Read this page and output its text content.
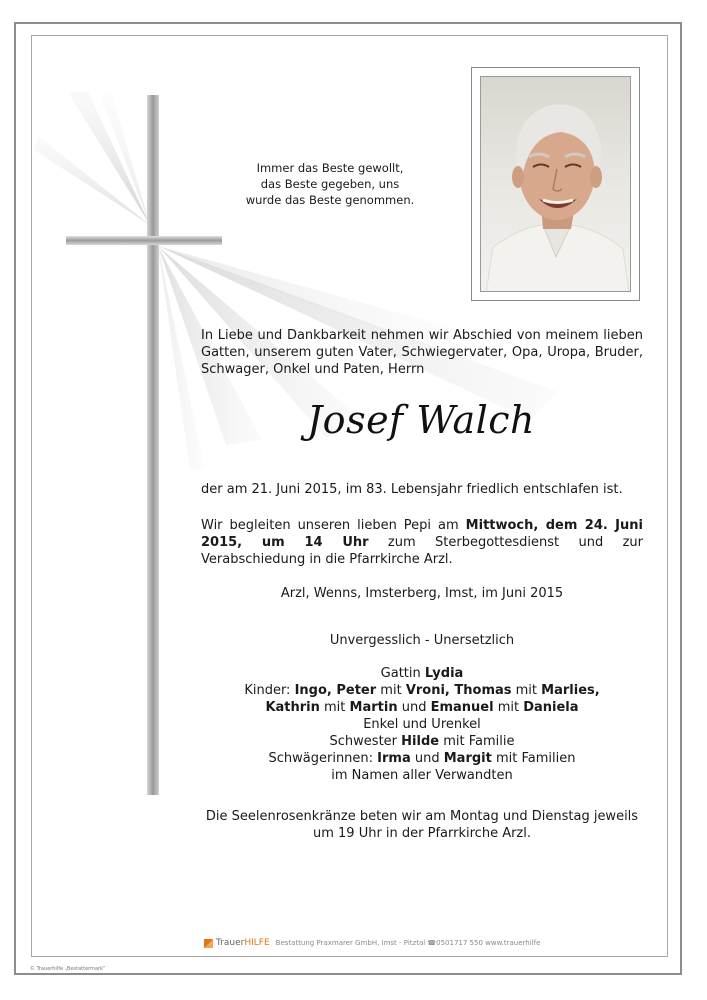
Immer das Beste gewollt,
das Beste gegeben, uns
wurde das Beste genommen.
In Liebe und Dankbarkeit nehmen wir Abschied von meinem lieben Gatten, unserem guten Vater, Schwiegervater, Opa, Uropa, Bruder, Schwager, Onkel und Paten, Herrn
Josef Walch
der am 21. Juni 2015, im 83. Lebensjahr friedlich entschlafen ist.
Wir begleiten unseren lieben Pepi am Mittwoch, dem 24. Juni 2015, um 14 Uhr zum Sterbegottesdienst und zur Verabschiedung in die Pfarrkirche Arzl.
Arzl, Wenns, Imsterberg, Imst, im Juni 2015
Unvergesslich - Unersetzlich
Gattin Lydia
Kinder: Ingo, Peter mit Vroni, Thomas mit Marlies,
Kathrin mit Martin und Emanuel mit Daniela
Enkel und Urenkel
Schwester Hilde mit Familie
Schwägerinnen: Irma und Margit mit Familien
im Namen aller Verwandten
Die Seelenrosenkränze beten wir am Montag und Dienstag jeweils
um 19 Uhr in der Pfarrkirche Arzl.
TrauerHILFE Bestattung Praxmarer GmbH, Imst - Pitztal ☎0501717 550 www.trauerhilfe
© Trauerhilfe „Bestattermark“
